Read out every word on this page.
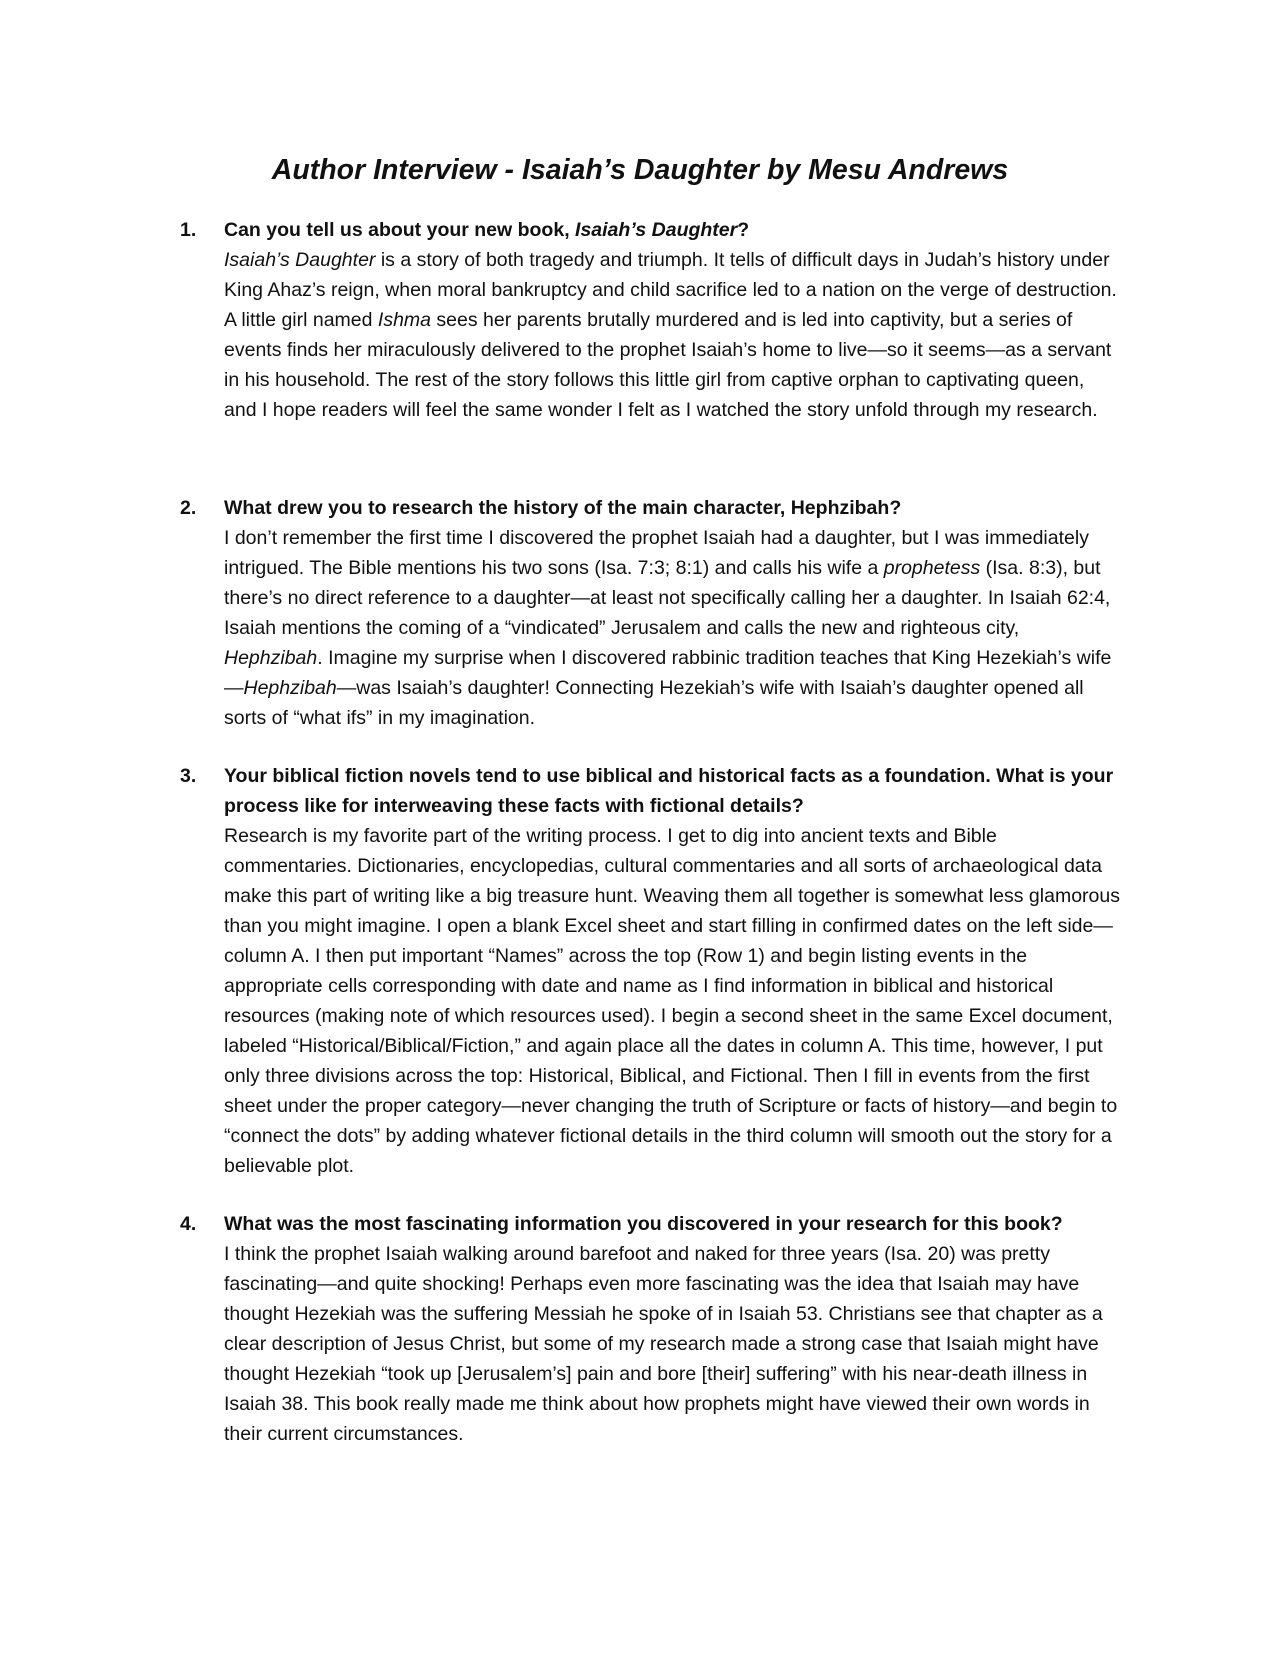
Author Interview - Isaiah’s Daughter by Mesu Andrews
1.	Can you tell us about your new book, Isaiah’s Daughter?

Isaiah’s Daughter is a story of both tragedy and triumph. It tells of difficult days in Judah’s history under King Ahaz’s reign, when moral bankruptcy and child sacrifice led to a nation on the verge of destruction. A little girl named Ishma sees her parents brutally murdered and is led into captivity, but a series of events finds her miraculously delivered to the prophet Isaiah’s home to live—so it seems—as a servant in his household. The rest of the story follows this little girl from captive orphan to captivating queen, and I hope readers will feel the same wonder I felt as I watched the story unfold through my research.

2.	What drew you to research the history of the main character, Hephzibah?

I don’t remember the first time I discovered the prophet Isaiah had a daughter, but I was immediately intrigued. The Bible mentions his two sons (Isa. 7:3; 8:1) and calls his wife a prophetess (Isa. 8:3), but there’s no direct reference to a daughter—at least not specifically calling her a daughter. In Isaiah 62:4, Isaiah mentions the coming of a “vindicated” Jerusalem and calls the new and righteous city, Hephzibah. Imagine my surprise when I discovered rabbinic tradition teaches that King Hezekiah’s wife—Hephzibah—was Isaiah’s daughter! Connecting Hezekiah’s wife with Isaiah’s daughter opened all sorts of “what ifs” in my imagination.

3.	Your biblical fiction novels tend to use biblical and historical facts as a foundation. What is your process like for interweaving these facts with fictional details?

Research is my favorite part of the writing process. I get to dig into ancient texts and Bible commentaries. Dictionaries, encyclopedias, cultural commentaries and all sorts of archaeological data make this part of writing like a big treasure hunt. Weaving them all together is somewhat less glamorous than you might imagine. I open a blank Excel sheet and start filling in confirmed dates on the left side—column A. I then put important “Names” across the top (Row 1) and begin listing events in the appropriate cells corresponding with date and name as I find information in biblical and historical resources (making note of which resources used). I begin a second sheet in the same Excel document, labeled “Historical/Biblical/Fiction,” and again place all the dates in column A. This time, however, I put only three divisions across the top: Historical, Biblical, and Fictional. Then I fill in events from the first sheet under the proper category—never changing the truth of Scripture or facts of history—and begin to “connect the dots” by adding whatever fictional details in the third column will smooth out the story for a believable plot.

4.	What was the most fascinating information you discovered in your research for this book?

I think the prophet Isaiah walking around barefoot and naked for three years (Isa. 20) was pretty fascinating—and quite shocking! Perhaps even more fascinating was the idea that Isaiah may have thought Hezekiah was the suffering Messiah he spoke of in Isaiah 53. Christians see that chapter as a clear description of Jesus Christ, but some of my research made a strong case that Isaiah might have thought Hezekiah “took up [Jerusalem’s] pain and bore [their] suffering” with his near-death illness in Isaiah 38. This book really made me think about how prophets might have viewed their own words in their current circumstances.
